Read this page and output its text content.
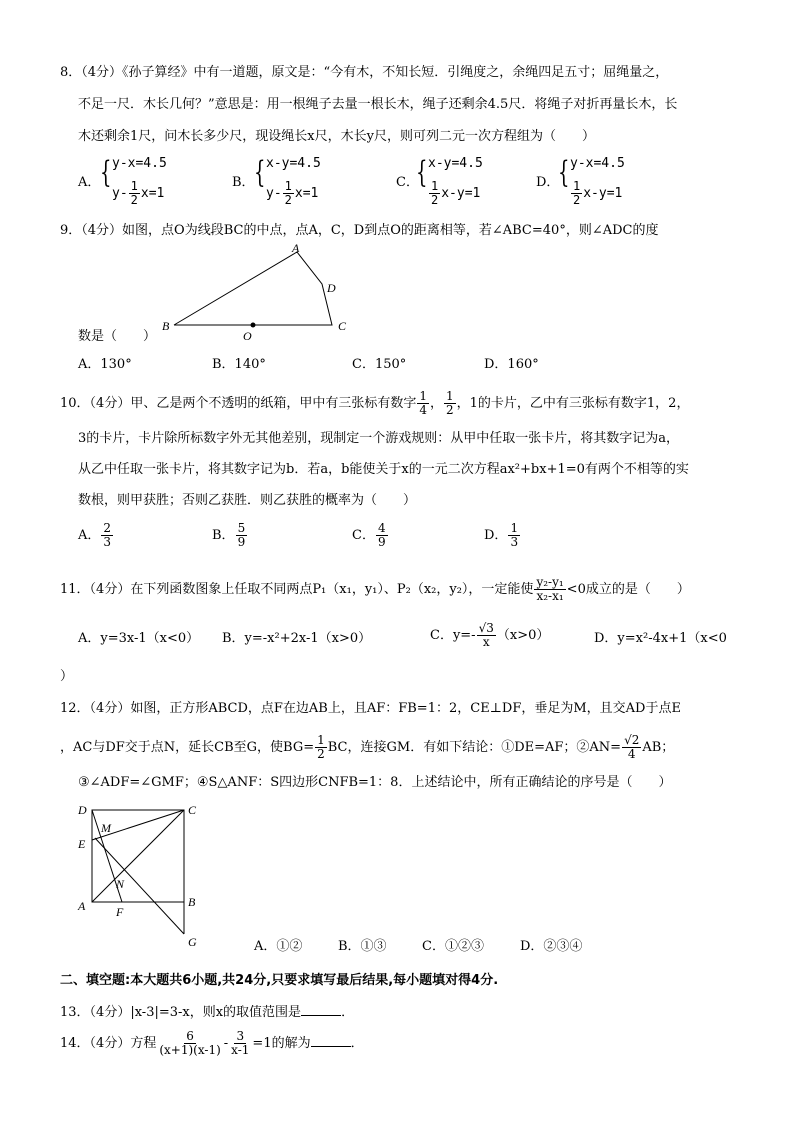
8．（4分）《孙子算经》中有一道题，原文是：“今有木，不知长短．引绳度之，余绳四足五寸；屈绳量之，
不足一尺．木长几何？”意思是：用一根绳子去量一根长木，绳子还剩余4.5尺．将绳子对折再量长木，长
木还剩余1尺，问木长多少尺，现设绳长x尺，木长y尺，则可列二元一次方程组为（　　）
A． { y-x=4.5
$y- \frac{1}{2} x=1$
B． { x-y=4.5
$y- \frac{1}{2} x=1$
C．
{ x-y=4.5
$\frac{1}{2} x-y=1$
D．
{ y-x=4.5
$\frac{1}{2} x-y=1$
9．（4分）如图，点O为线段BC的中点，点A，C，D到点O的距离相等，若∠ABC=40°，则∠ADC的度
A
D
B
O
C
数是（　　）
A．130°	B．140°	C．150°	D．160°
10．（4分）甲、乙是两个不透明的纸箱，甲中有三张标有数字 $\frac{1}{4}$ ， $\frac{1}{2}$ ，1的卡片，乙中有三张标有数字1，2，
3的卡片，卡片除所标数字外无其他差别，现制定一个游戏规则：从甲中任取一张卡片，将其数字记为a，
从乙中任取一张卡片，将其数字记为b．若a，b能使关于x的一元二次方程ax²+bx+1=0有两个不相等的实
数根，则甲获胜；否则乙获胜．则乙获胜的概率为（　　）
A． $\frac{2}{3}$	B． $\frac{5}{9}$	C． $\frac{4}{9}$	D． $\frac{1}{3}$
11．（4分）在下列函数图象上任取不同两点P₁（x₁，y₁）、P₂（x₂，y₂），一定能使 $\frac{\text{y₂-y₁}}{\text{x₂-x₁}} <0$成立的是（　　）
A．y=3x-1（x<0） B．y=-x²+2x-1（x>0）	C．$y=- \frac{√3}{x} (x>0)$	D．y=x²-4x+1（x<0
）
12．（4分）如图，正方形ABCD，点F在边AB上，且AF：FB=1：2，CE⊥DF，垂足为M，且交AD于点E
，AC与DF交于点N，延长CB至G，使$BG= \frac{1}{2}$ BC，连接GM．有如下结论：①DE=AF；②AN= $\frac{√2}{4}$ AB；
③∠ADF=∠GMF；④S△ANF：S四边形CNFB=1：8．上述结论中，所有正确结论的序号是（　　）
D	C
M
E
N
A	F
B
G	A．①②	B．①③	C．①②③	D．②③④
二、填空题:本大题共6小题,共24分,只要求填写最后结果,每小题填对得4分.
13．（4分）|x-3|=3-x，则x的取值范围是	．
14．（4分）方程 $\frac{6}{(x+1)(x-1)} - \frac{3}{x-1} =1$的解为	．
